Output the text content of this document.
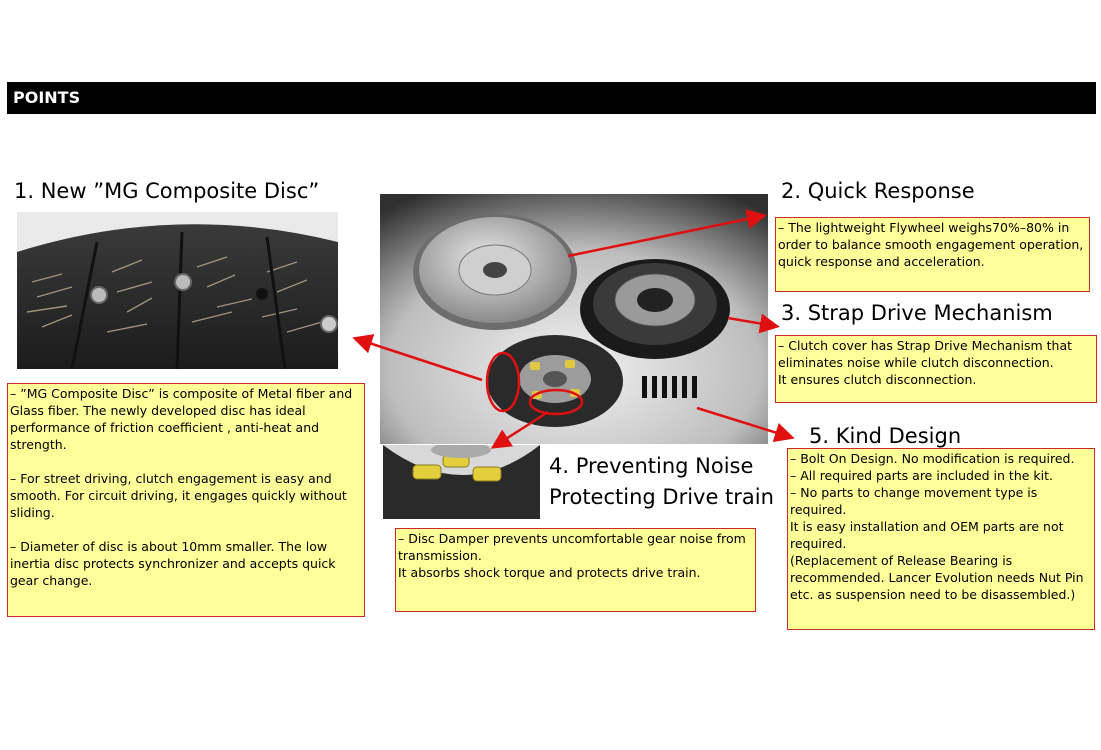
POINTS
1. New ”MG Composite Disc”	2. Quick Response
3. Strap Drive Mechanism
4. Preventing Noise
Protecting Drive train
5. Kind Design
– ”MG Composite Disc” is composite of Metal fiber and Glass fiber. The newly developed disc has ideal performance of friction coefficient , anti-heat and strength.

– For street driving, clutch engagement is easy and smooth. For circuit driving, it engages quickly without sliding.

– Diameter of disc is about 10mm smaller. The low inertia disc protects synchronizer and accepts quick gear change.
– The lightweight Flywheel weighs70%–80% in order to balance smooth engagement operation, quick response and acceleration.
– Clutch cover has Strap Drive Mechanism that eliminates noise while clutch disconnection.
It ensures clutch disconnection.
– Disc Damper prevents uncomfortable gear noise from transmission.
It absorbs shock torque and protects drive train.
– Bolt On Design. No modification is required.
– All required parts are included in the kit.
– No parts to change movement type is required.
It is easy installation and OEM parts are not required.
(Replacement of Release Bearing is recommended. Lancer Evolution needs Nut Pin etc. as suspension need to be disassembled.)
